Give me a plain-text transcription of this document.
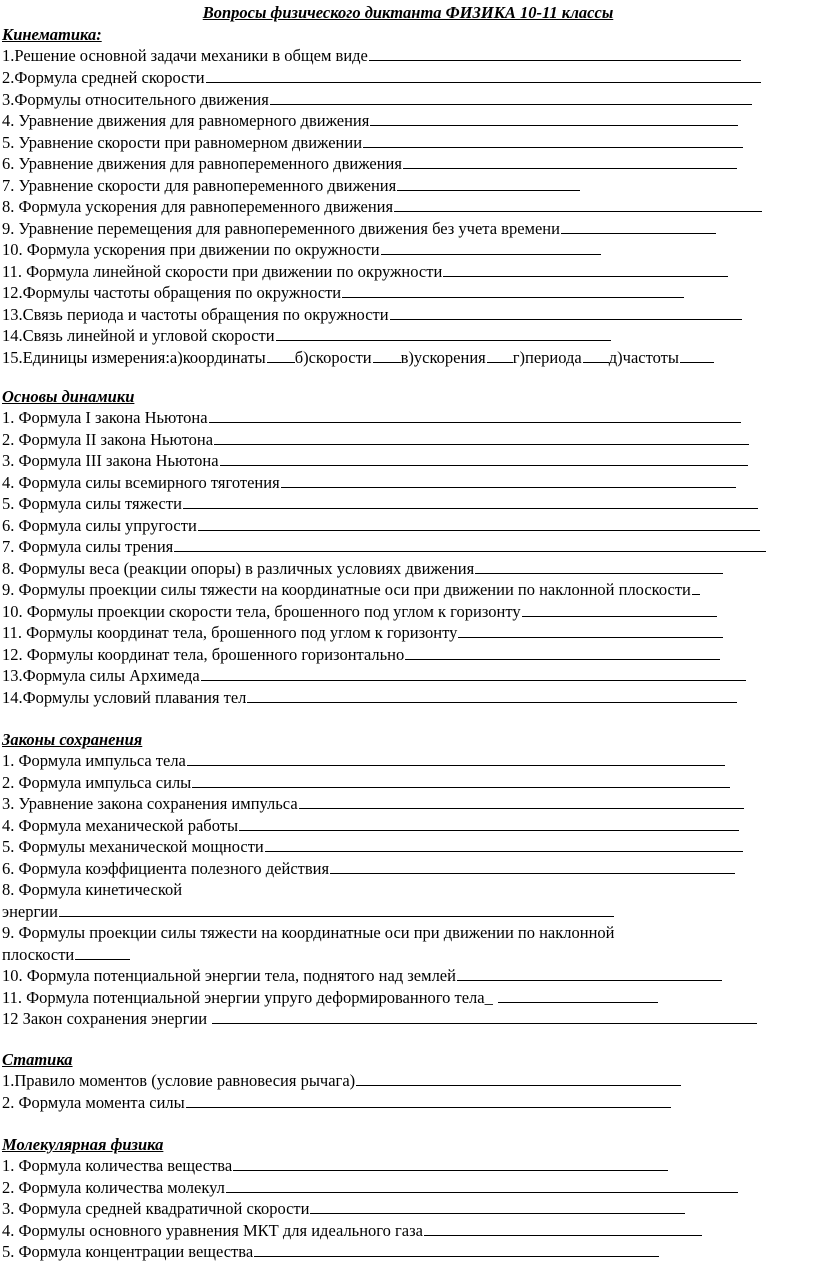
Вопросы физического диктанта ФИЗИКА 10-11 классы
Кинематика:
1.Решение основной задачи механики в общем виде
2.Формула средней скорости
3.Формулы относительного движения
4. Уравнение движения для равномерного движения
5. Уравнение скорости при равномерном движении
6. Уравнение движения для равнопеременного движения
7. Уравнение скорости для равнопеременного движения
8. Формула ускорения для равнопеременного движения
9. Уравнение перемещения для равнопеременного движения без учета времени
10. Формула ускорения при движении по окружности
11. Формула линейной скорости при движении по окружности
12.Формулы частоты обращения по окружности
13.Связь периода и частоты обращения по окружности
14.Связь линейной и угловой скорости
15.Единицы измерения:а)координаты б)скорости в)ускорения г)периода д)частоты
Основы динамики
1. Формула I закона Ньютона
2. Формула II закона Ньютона
3. Формула III закона Ньютона
4. Формула силы всемирного тяготения
5. Формула силы тяжести
6. Формула силы упругости
7. Формула силы трения
8. Формулы веса (реакции опоры) в различных условиях движения
9. Формулы проекции силы тяжести на координатные оси при движении по наклонной плоскости
10. Формулы проекции скорости тела, брошенного под углом к горизонту
11. Формулы координат тела, брошенного под углом к горизонту
12. Формулы координат тела, брошенного горизонтально
13.Формула силы Архимеда
14.Формулы условий плавания тел
Законы сохранения
1. Формула импульса тела
2. Формула импульса силы
3. Уравнение закона сохранения импульса
4. Формула механической работы
5. Формулы механической мощности
6. Формула коэффициента полезного действия
8. Формула кинетической
энергии
9. Формулы проекции силы тяжести на координатные оси при движении по наклонной
плоскости
10. Формула потенциальной энергии тела, поднятого над землей
11. Формула потенциальной энергии упруго деформированного тела_
12 Закон сохранения энергии
Статика
1.Правило моментов (условие равновесия рычага)
2. Формула момента силы
Молекулярная физика
1. Формула количества вещества
2. Формула количества молекул
3. Формула средней квадратичной скорости
4. Формулы основного уравнения МКТ для идеального газа
5. Формула концентрации вещества
